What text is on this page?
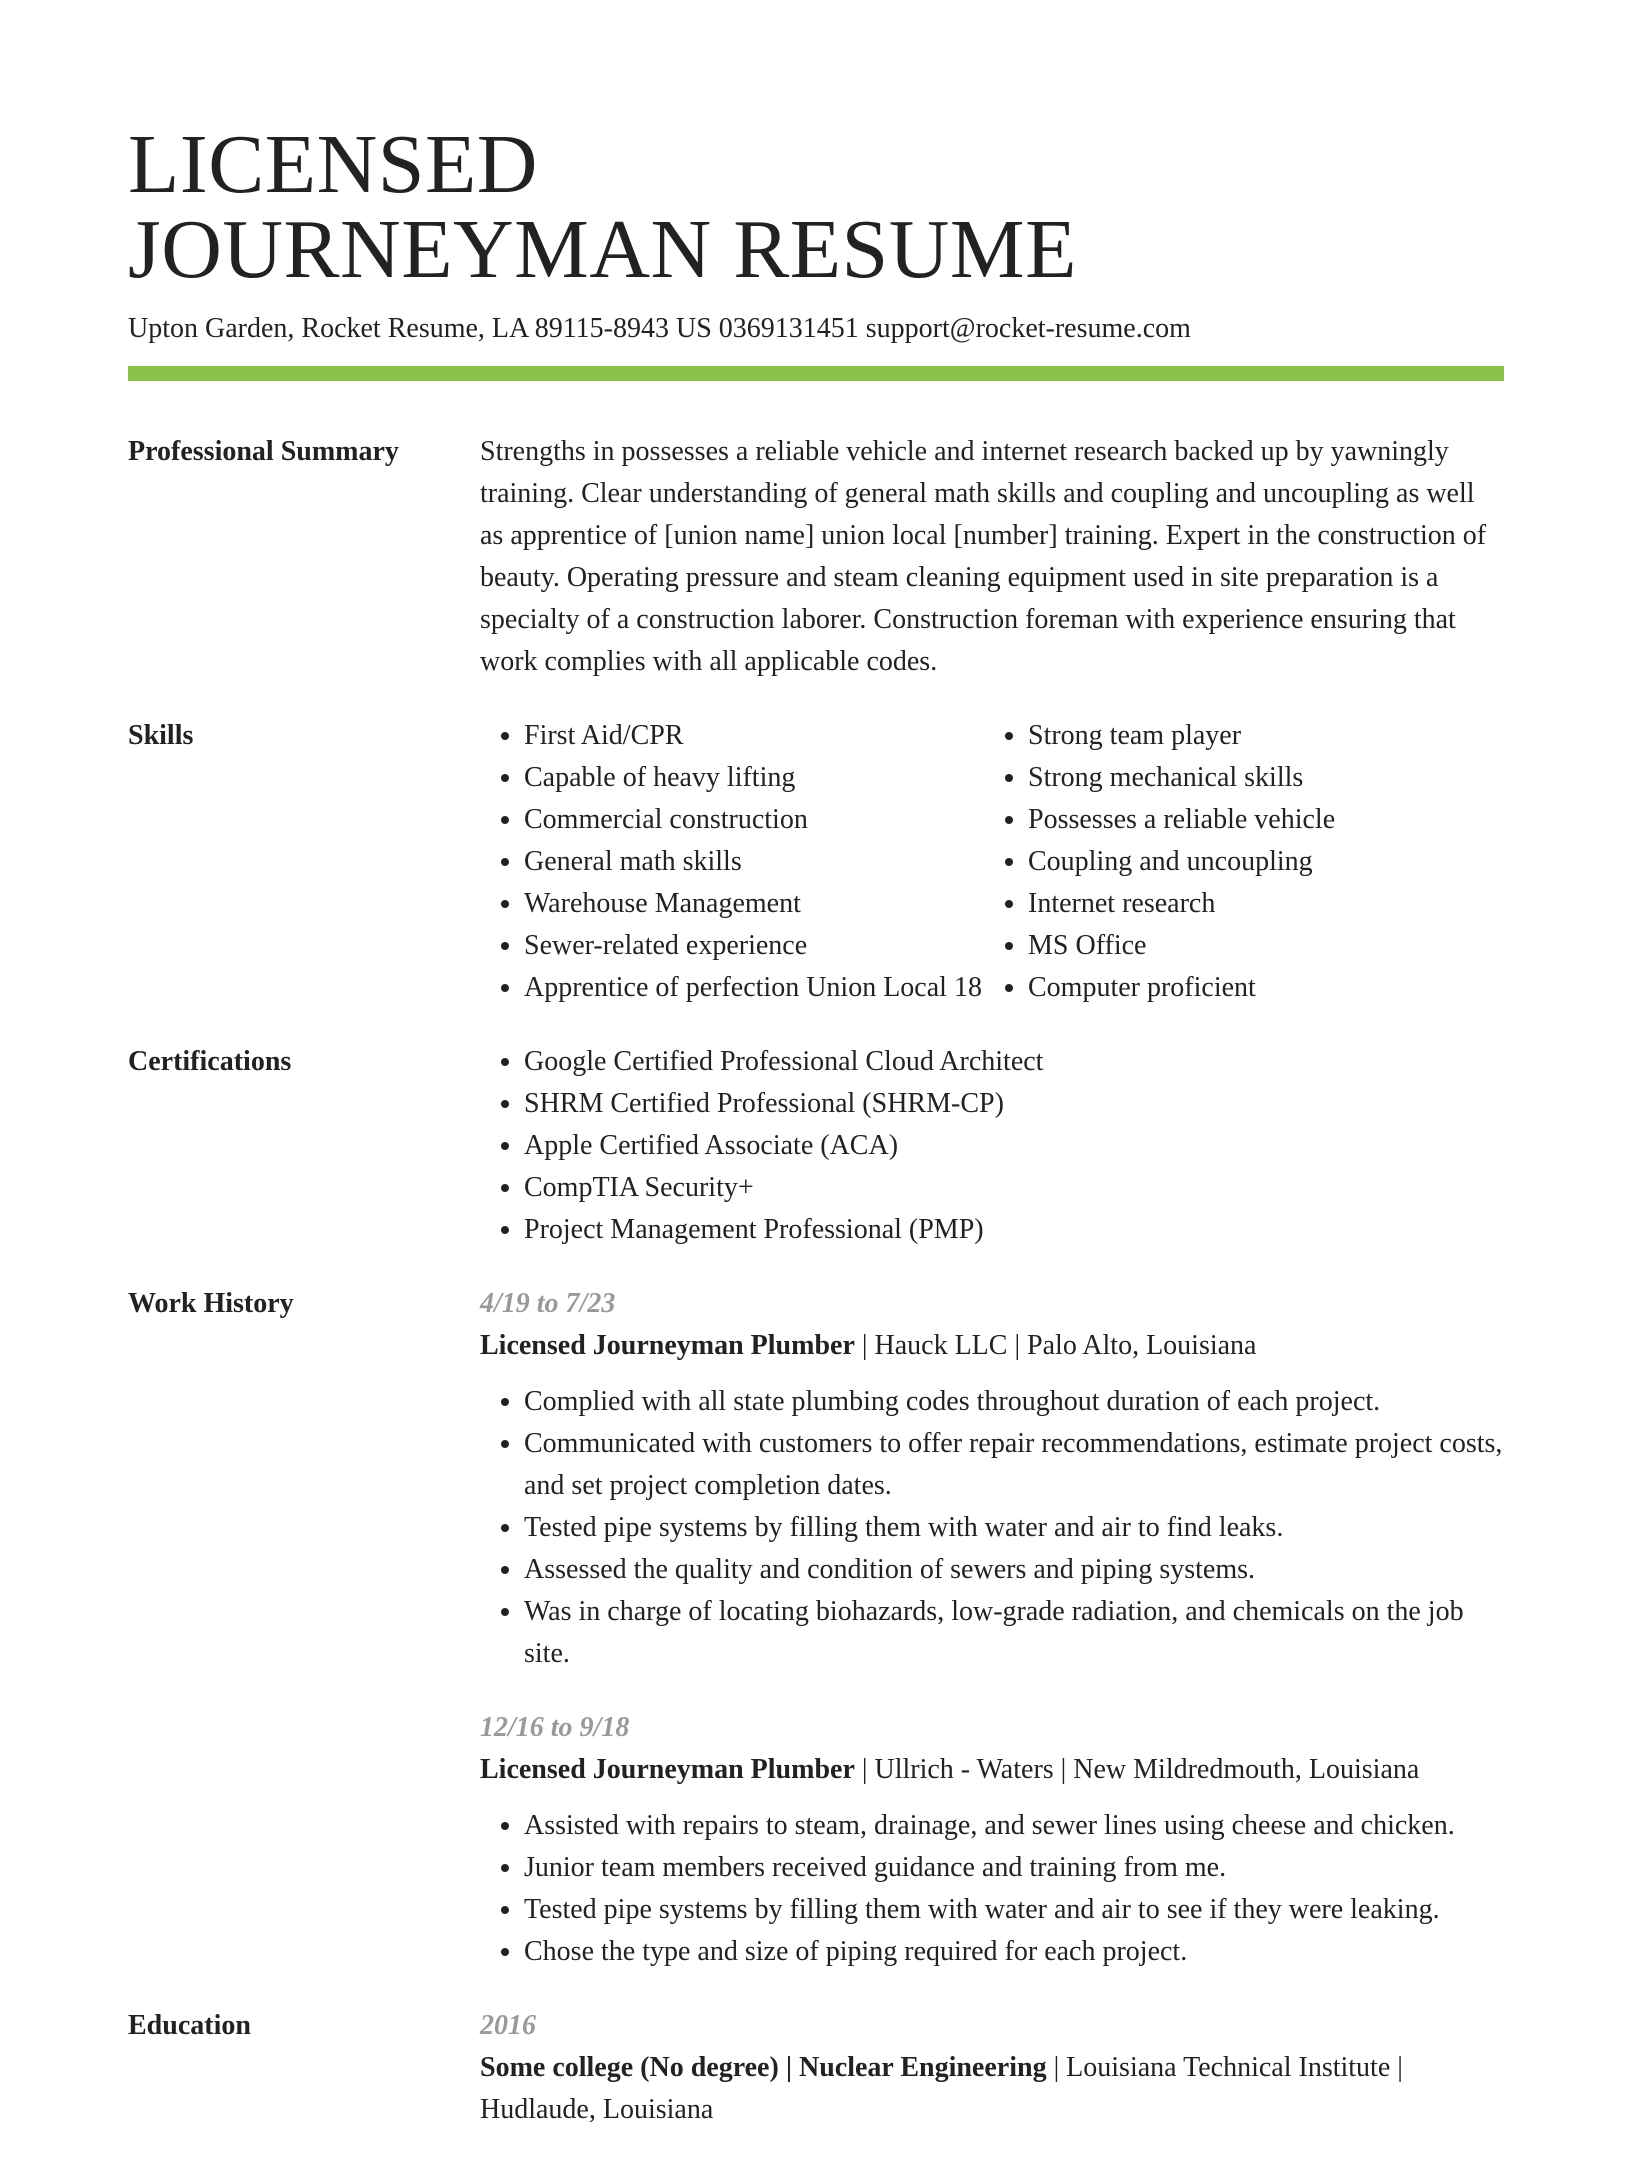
LICENSED
JOURNEYMAN RESUME
Upton Garden, Rocket Resume, LA 89115-8943 US 0369131451 support@rocket-resume.com
Professional Summary	Strengths in possesses a reliable vehicle and internet research backed up by yawningly training. Clear understanding of general math skills and coupling and uncoupling as well as apprentice of [union name] union local [number] training. Expert in the construction of beauty. Operating pressure and steam cleaning equipment used in site preparation is a specialty of a construction laborer. Construction foreman with experience ensuring that work complies with all applicable codes.

Skills	• First Aid/CPR
• Capable of heavy lifting
• Commercial construction
• General math skills
• Warehouse Management
• Sewer-related experience
• Apprentice of perfection Union Local 18
• Strong team player
• Strong mechanical skills
• Possesses a reliable vehicle
• Coupling and uncoupling
• Internet research
• MS Office
• Computer proficient
Certifications	• Google Certified Professional Cloud Architect
• SHRM Certified Professional (SHRM-CP)
• Apple Certified Associate (ACA)
• CompTIA Security+
• Project Management Professional (PMP)
Work History	4/19 to 7/23
Licensed Journeyman Plumber | Hauck LLC | Palo Alto, Louisiana
• Complied with all state plumbing codes throughout duration of each project.
• Communicated with customers to offer repair recommendations, estimate project costs, and set project completion dates.
• Tested pipe systems by filling them with water and air to find leaks.
• Assessed the quality and condition of sewers and piping systems.
• Was in charge of locating biohazards, low-grade radiation, and chemicals on the job site.
12/16 to 9/18
Licensed Journeyman Plumber | Ullrich - Waters | New Mildredmouth, Louisiana
• Assisted with repairs to steam, drainage, and sewer lines using cheese and chicken.
• Junior team members received guidance and training from me.
• Tested pipe systems by filling them with water and air to see if they were leaking.
• Chose the type and size of piping required for each project.
Education	2016
Some college (No degree) | Nuclear Engineering | Louisiana Technical Institute | Hudlaude, Louisiana
